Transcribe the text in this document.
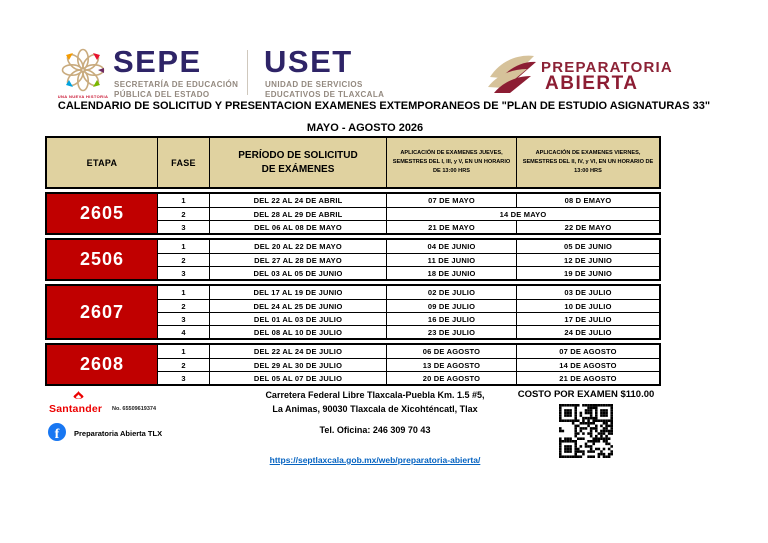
UNA NUEVA HISTORIA
SEPE
SECRETARÍA DE EDUCACIÓN
PÚBLICA DEL ESTADO
USET
UNIDAD DE SERVICIOS
EDUCATIVOS DE TLAXCALA
PREPARATORIA
ABIERTA
CALENDARIO DE SOLICITUD Y PRESENTACION EXAMENES EXTEMPORANEOS DE "PLAN DE ESTUDIO ASIGNATURAS 33"
MAYO - AGOSTO 2026
ETAPA	FASE
PERÍODO DE SOLICITUD DE EXÁMENES
APLICACIÓN DE EXAMENES JUEVES, SEMESTRES DEL I, III, y V, EN UN HORARIO DE 13:00 HRS
APLICACIÓN DE EXAMENES VIERNES, SEMESTRES DEL II, IV, y VI, EN UN HORARIO DE 13:00 HRS
2605
1	DEL 22 AL 24 DE ABRIL	07 DE MAYO	08 D EMAYO
2	DEL 28 AL 29 DE ABRIL	14 DE MAYO
3	DEL 06 AL 08 DE MAYO	21 DE MAYO	22 DE MAYO
2506
1	DEL 20 AL 22 DE MAYO	04 DE JUNIO	05 DE JUNIO
2	DEL 27 AL 28 DE MAYO	11 DE JUNIO	12 DE JUNIO
3	DEL 03 AL 05 DE JUNIO	18 DE JUNIO	19 DE JUNIO
2607
1	DEL 17 AL 19 DE JUNIO	02 DE JULIO	03 DE JULIO
2	DEL 24 AL 25 DE JUNIO	09 DE JULIO	10 DE JULIO
3	DEL 01 AL 03 DE JULIO	16 DE JULIO	17 DE JULIO
4	DEL 08 AL 10 DE JULIO	23 DE JULIO	24 DE JULIO
2608
1	DEL 22 AL 24 DE JULIO	06 DE AGOSTO	07 DE AGOSTO
2	DEL 29 AL 30 DE JULIO	13 DE AGOSTO	14 DE AGOSTO
3	DEL 05 AL 07 DE JULIO	20 DE AGOSTO	21 DE AGOSTO
Santander No. 65509619374
f
Preparatoria Abierta TLX
Carretera Federal Libre Tlaxcala-Puebla Km. 1.5 #5,
La Animas, 90030 Tlaxcala de Xicohténcatl, Tlax
Tel. Oficina: 246 309 70 43
https://septlaxcala.gob.mx/web/preparatoria-abierta/
COSTO POR EXAMEN $110.00
